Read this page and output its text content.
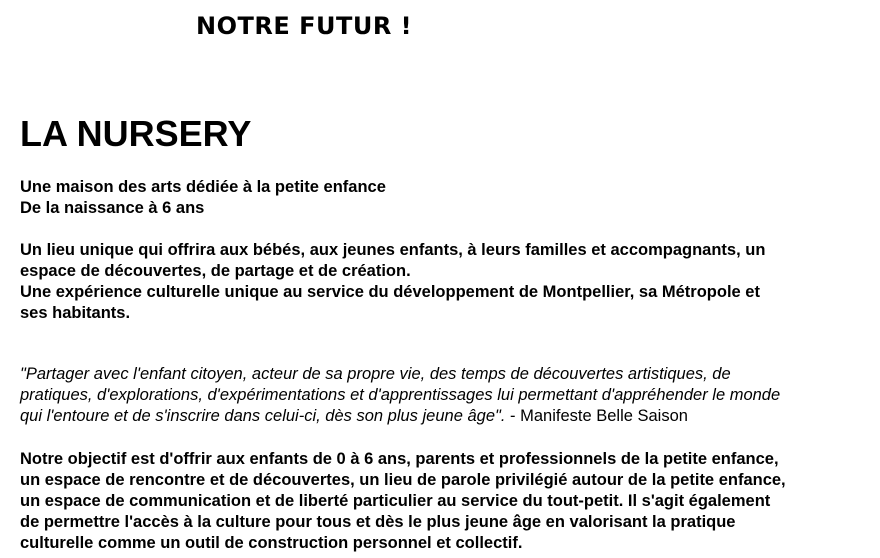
NOTRE FUTUR !
LA NURSERY
Une maison des arts dédiée à la petite enfance
De la naissance à 6 ans
Un lieu unique qui offrira aux bébés, aux jeunes enfants, à leurs familles et accompagnants, un
espace de découvertes, de partage et de création.
Une expérience culturelle unique au service du développement de Montpellier, sa Métropole et
ses habitants.
"Partager avec l'enfant citoyen, acteur de sa propre vie, des temps de découvertes artistiques, de
pratiques, d'explorations, d'expérimentations et d'apprentissages lui permettant d'appréhender le monde
qui l'entoure et de s'inscrire dans celui-ci, dès son plus jeune âge". - Manifeste Belle Saison
Notre objectif est d'offrir aux enfants de 0 à 6 ans, parents et professionnels de la petite enfance,
un espace de rencontre et de découvertes, un lieu de parole privilégié autour de la petite enfance,
un espace de communication et de liberté particulier au service du tout-petit. Il s'agit également
de permettre l'accès à la culture pour tous et dès le plus jeune âge en valorisant la pratique
culturelle comme un outil de construction personnel et collectif.
